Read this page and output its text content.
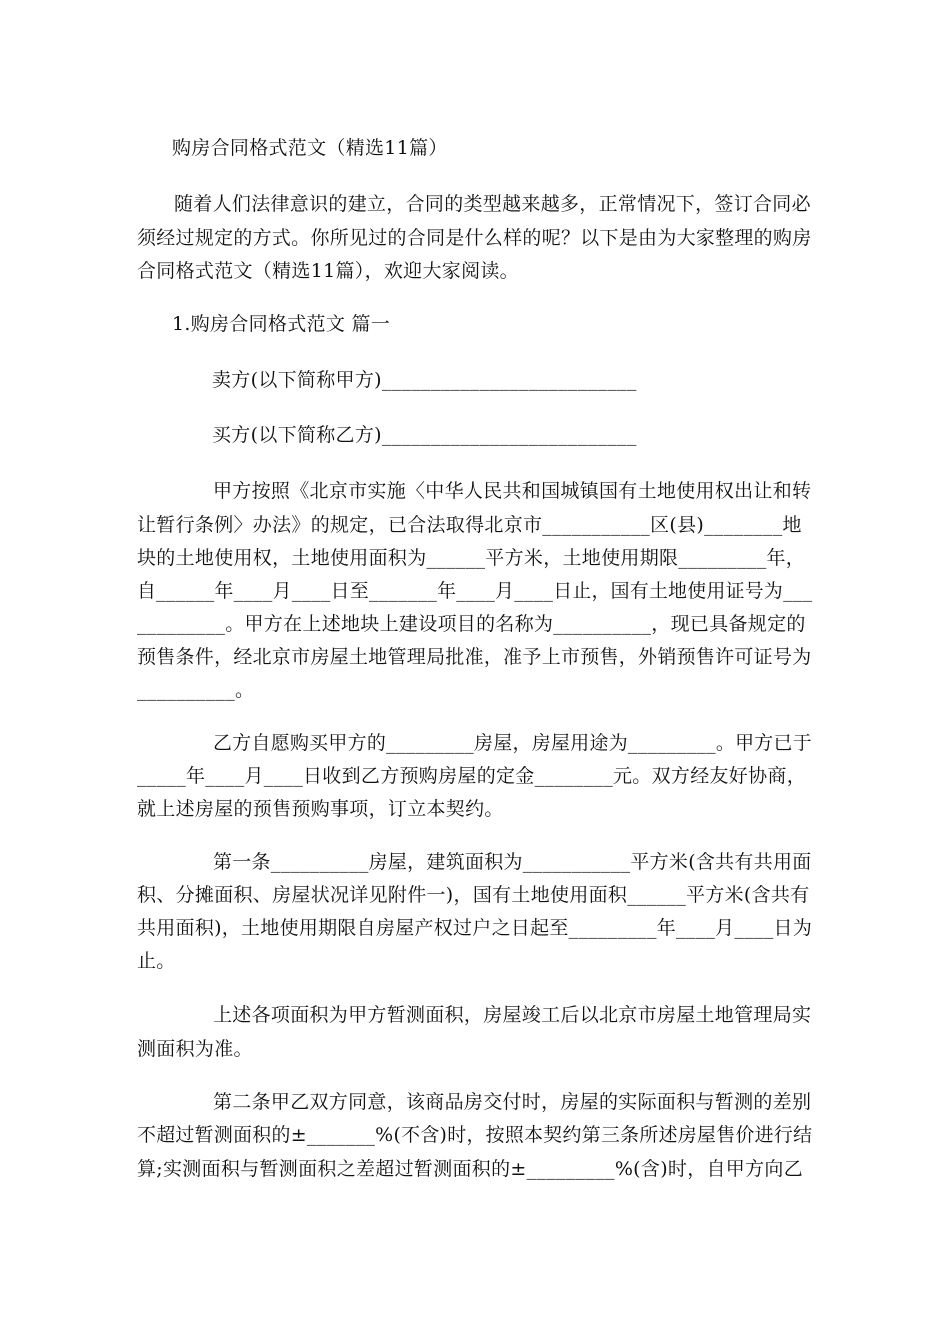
购房合同格式范文（精选11篇）
随着人们法律意识的建立，合同的类型越来越多，正常情况下，签订合同必
须经过规定的方式。你所见过的合同是什么样的呢？以下是由为大家整理的购房
合同格式范文（精选11篇），欢迎大家阅读。
1.购房合同格式范文 篇一
卖方(以下简称甲方)__________________________
买方(以下简称乙方)__________________________
甲方按照《北京市实施〈中华人民共和国城镇国有土地使用权出让和转
让暂行条例〉办法》的规定，已合法取得北京市___________区(县)________地
块的土地使用权，土地使用面积为______平方米，土地使用期限_________年，
自______年____月____日至_______年____月____日止，国有土地使用证号为___
_________。甲方在上述地块上建设项目的名称为__________，现已具备规定的
预售条件，经北京市房屋土地管理局批准，准予上市预售，外销预售许可证号为
__________。
乙方自愿购买甲方的_________房屋，房屋用途为_________。甲方已于
_____年____月____日收到乙方预购房屋的定金________元。双方经友好协商，
就上述房屋的预售预购事项，订立本契约。
第一条__________房屋，建筑面积为___________平方米(含共有共用面
积、分摊面积、房屋状况详见附件一)，国有土地使用面积______平方米(含共有
共用面积)，土地使用期限自房屋产权过户之日起至_________年____月____日为
止。
上述各项面积为甲方暂测面积，房屋竣工后以北京市房屋土地管理局实
测面积为准。
第二条甲乙双方同意，该商品房交付时，房屋的实际面积与暂测的差别
不超过暂测面积的±_______%(不含)时，按照本契约第三条所述房屋售价进行结
算;实测面积与暂测面积之差超过暂测面积的±_________%(含)时，自甲方向乙
